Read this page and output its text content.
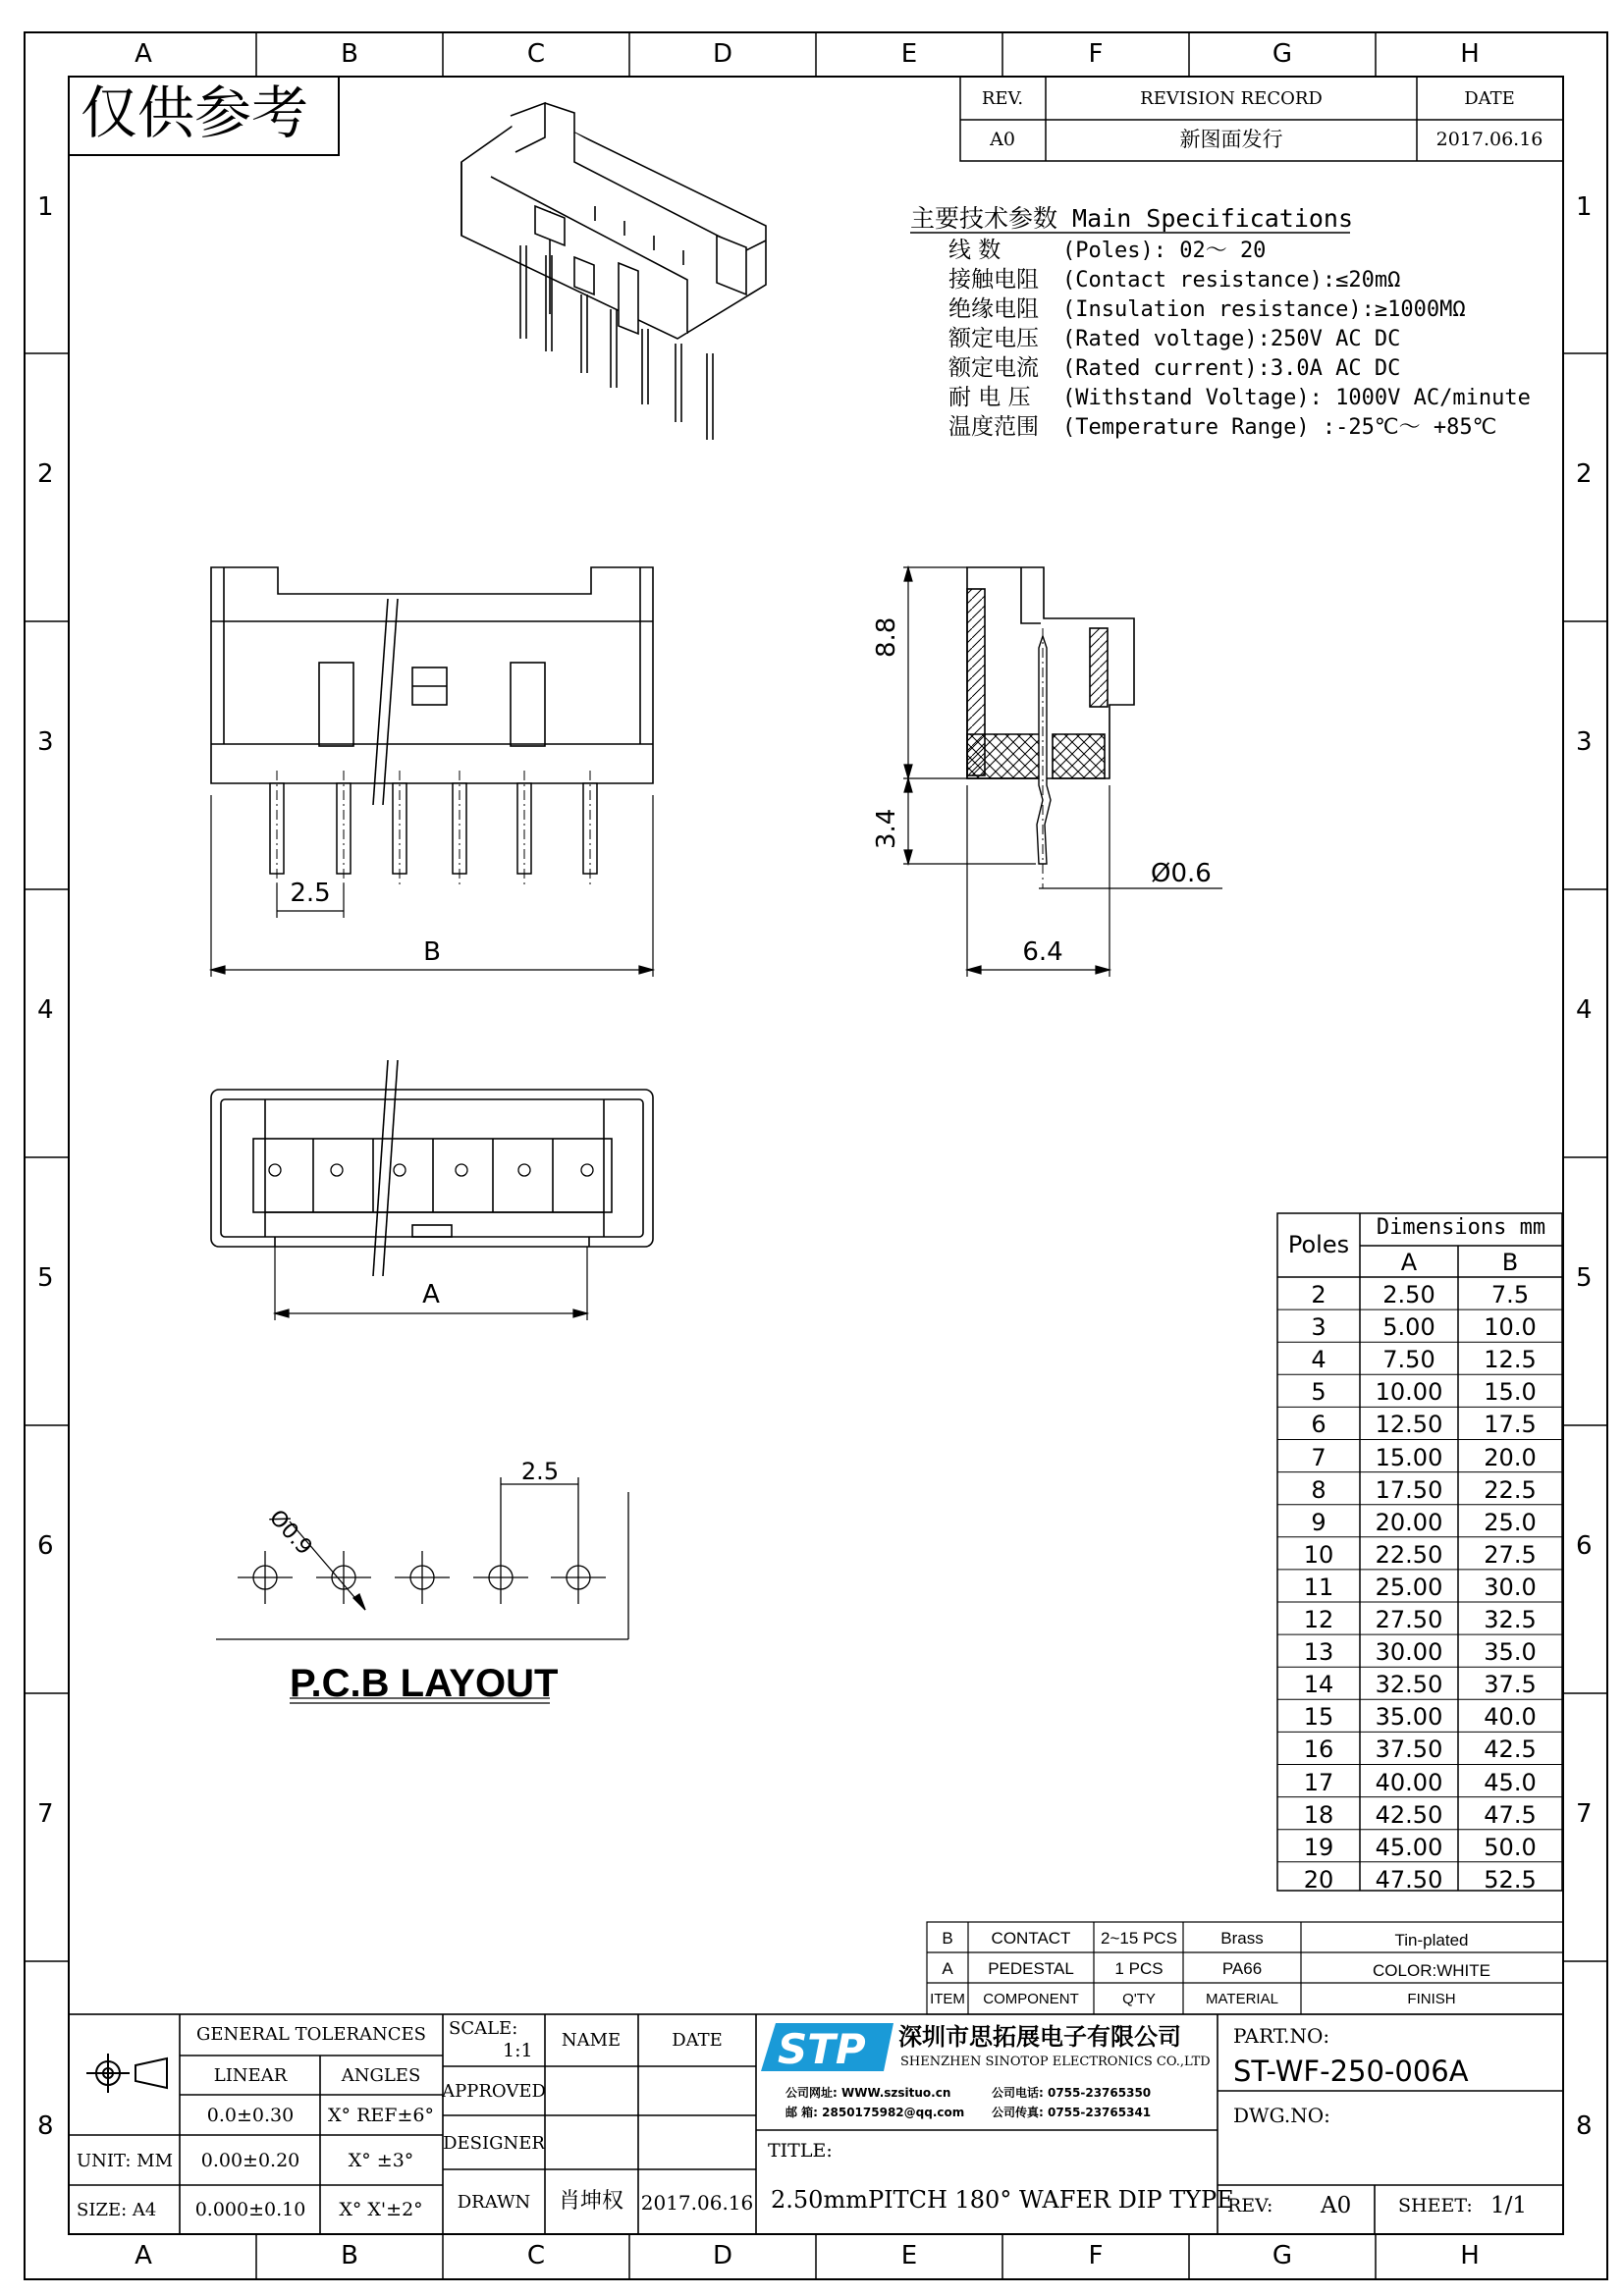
STP
A	B	C	D	E	F	G	H
A	B	C	D	E	F	G	H
1
2
3
4
5
6
7
8
1
2
3
4
5
6
7
8
仅供参考	REV.	REVISION RECORD	DATE
A0	新图面发行	2017.06.16
主要技术参数 Main Specifications
线 数	(Poles): 02～ 20
接触电阻 (Contact resistance):≤20mΩ
绝缘电阻 (Insulation resistance):≥1000MΩ
额定电压 (Rated voltage):250V AC DC
额定电流 (Rated current):3.0A AC DC
耐 电 压 (Withstand Voltage): 1000V AC/minute
温度范围 (Temperature Range) :-25℃～ +85℃
2.5
B
8.8
3.4
Ø0.6
6.4
A
2.5
Ø0.9
P.C.B LAYOUT
Poles
Dimensions mm
A	B
2 2.50 7.5
3 5.00 10.0
4 7.50 12.5
5 10.00 15.0
6 12.50 17.5
7 15.00 20.0
8 17.50 22.5
9 20.00 25.0
10 22.50 27.5
11 25.00 30.0
12 27.50 32.5
13 30.00 35.0
14 32.50 37.5
15 35.00 40.0
16 37.50 42.5
17 40.00 45.0
18 42.50 47.5
19 45.00 50.0
20 47.50 52.5
B CONTACT 2~15 PCS	Brass	Tin-plated
A PEDESTAL 1 PCS	PA66	COLOR:WHITE
ITEM COMPONENT	Q'TY	MATERIAL	FINISH
GENERAL TOLERANCES
LINEAR	ANGLES
0.0±0.30 X° REF±6°
0.00±0.20	X° ±3°
0.000±0.10 X° X'±2°
UNIT: MM
SIZE: A4
SCALE:
1:1 NAME	DATE
APPROVED
DESIGNER
DRAWN 肖坤权 2017.06.16
深圳市思拓展电子有限公司
SHENZHEN SINOTOP ELECTRONICS CO.,LTD
公司网址: WWW.szsituo.cn	公司电话: 0755-23765350
邮 箱: 2850175982@qq.com 公司传真: 0755-23765341
TITLE:
2.50mmPITCH 180° WAFER DIP TYPE
PART.NO:
ST-WF-250-006A
DWG.NO:
REV: A0	SHEET: 1/1
